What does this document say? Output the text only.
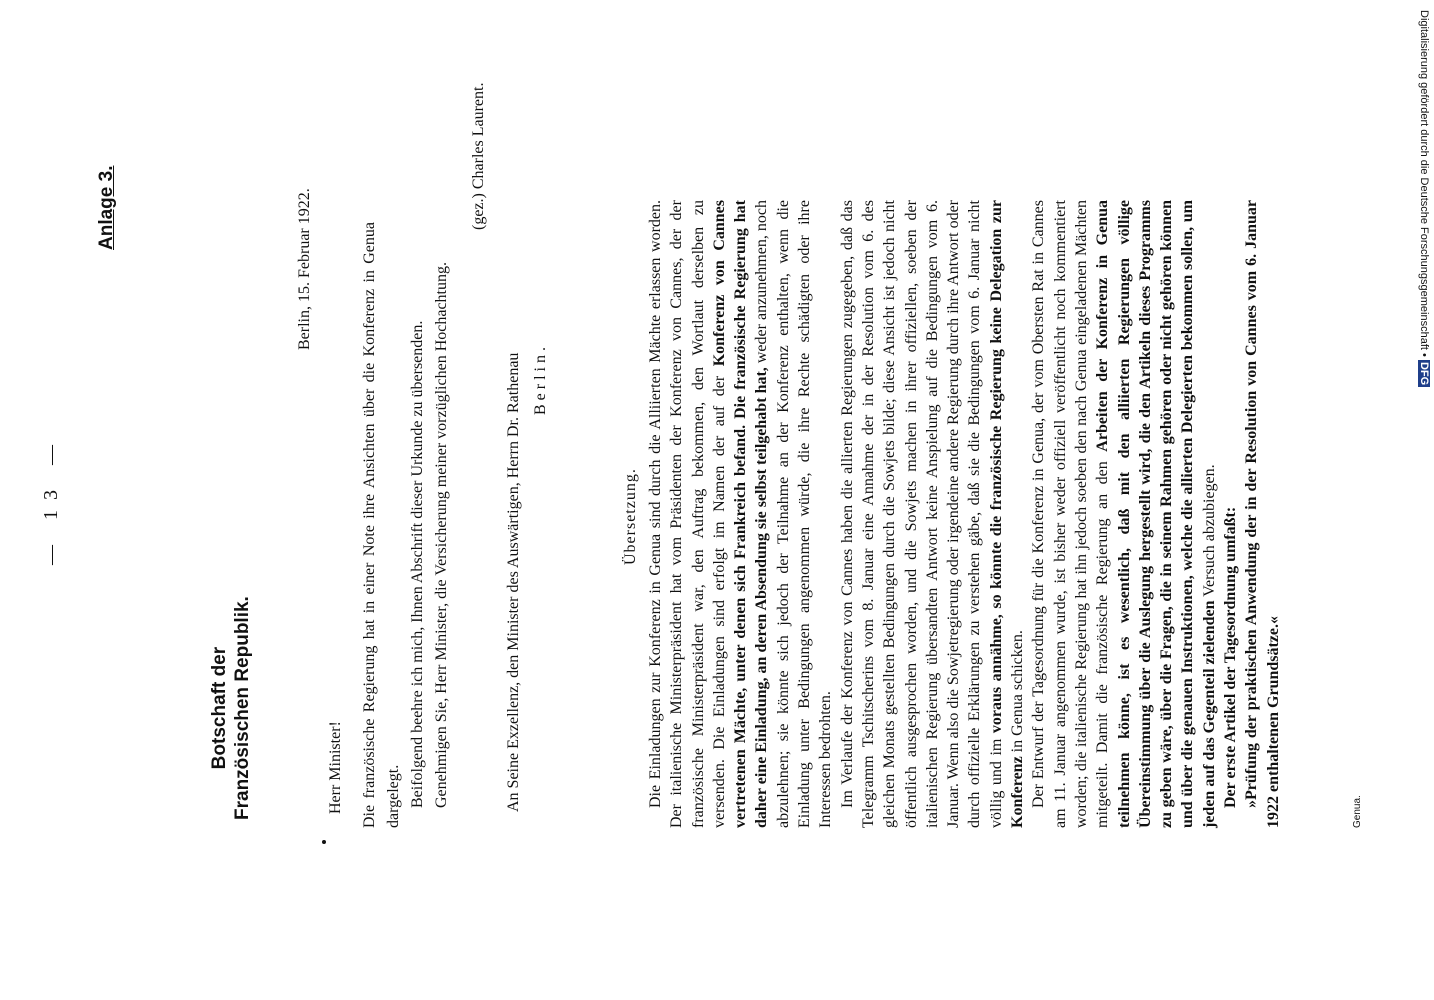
— 13 —
Anlage 3.
Botschaft der Französischen Republik.
Berlin, 15. Februar 1922.
Herr Minister! Die französische Regierung hat in einer Note ihre Ansichten über die Konferenz in Genua dargelegt. Beifolgend beehre ich mich, Ihnen Abschrift dieser Urkunde zu übersenden. Genehmigen Sie, Herr Minister, die Versicherung meiner vorzüglichen Hochachtung.

(gez.) Charles Laurent.
An Seine Exzellenz, den Minister des Auswärtigen, Herrn Dr. Rathenau Berlin.
Übersetzung. Die Einladungen zur Konferenz in Genua sind durch die Alliierten Mächte erlassen worden. Der italienische Ministerpräsident hat vom Präsidenten der Konferenz von Cannes, der der französische Ministerpräsident war, den Auftrag bekommen, den Wortlaut derselben zu versenden. Die Einladungen sind erfolgt im Namen der auf der Konferenz von Cannes vertretenen Mächte, unter denen sich Frankreich befand. Die französische Regierung hat daher eine Einladung, an deren Absendung sie selbst teilgehabt hat, weder anzunehmen, noch abzulehnen; sie könnte sich jedoch der Teilnahme an der Konferenz enthalten, wenn die Einladung unter Bedingungen angenommen würde, die ihre Rechte schädigten oder ihre Interessen bedrohten. Im Verlaufe der Konferenz von Cannes haben die allierten Regierungen zugegeben, daß das Telegramm Tschitscherins vom 8. Januar eine Annahme der in der Resolution vom 6. des gleichen Monats gestellten Bedingungen durch die Sowjets bilde; diese Ansicht ist jedoch nicht öffentlich ausgesprochen worden, und die Sowjets machen in ihrer offiziellen, soeben der italienischen Regierung übersandten Antwort keine Anspielung auf die Bedingungen vom 6. Januar. Wenn also die Sowjetregierung oder irgendeine andere Regierung durch ihre Antwort oder durch offizielle Erklärungen zu verstehen gäbe, daß sie die Bedingungen vom 6. Januar nicht völlig und im voraus annähme, so könnte die französische Regierung keine Delegation zur Konferenz in Genua schicken. Der Entwurf der Tagesordnung für die Konferenz in Genua, der vom Obersten Rat in Cannes am 11. Januar angenommen wurde, ist bisher weder offiziell veröffentlicht noch kommentiert worden; die italienische Regierung hat ihn jedoch soeben den nach Genua eingeladenen Mächten mitgeteilt. Damit die französische Regierung an den Arbeiten der Konferenz in Genua teilnehmen könne, ist es wesentlich, daß mit den alliierten Regierungen völlige Übereinstimmung über die Auslegung hergestellt wird, die den Artikeln dieses Programms zu geben wäre, über die Fragen, die in seinem Rahmen gehören oder nicht gehören können und über die genauen Instruktionen, welche die allierten Delegierten bekommen sollen, um jeden auf das Gegenteil zielenden Versuch abzubiegen. Der erste Artikel der Tagesordnung umfaßt: »Prüfung der praktischen Anwendung der in der Resolution von Cannes vom 6. Januar 1922 enthaltenen Grundsätze.«	Genua.
Digitalisierung gefördert durch die Deutsche Forschungsgemeinschaft • DFG
